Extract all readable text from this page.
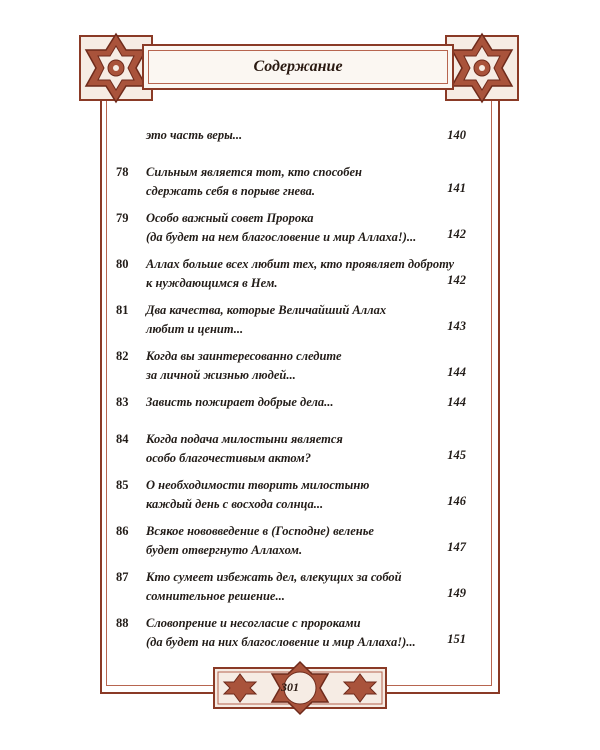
Содержание
это часть веры...	140
78	Сильным является тот, кто способен
сдержать себя в порыве гнева.	141
79	Особо важный совет Пророка
(да будет на нем благословение и мир Аллаха!)...	142
80	Аллах больше всех любит тех, кто проявляет доброту
к нуждающимся в Нем.	142
81	Два качества, которые Величайший Аллах
любит и ценит...	143
82	Когда вы заинтересованно следите
за личной жизнью людей...	144
83	Зависть пожирает добрые дела...	144
84	Когда подача милостыни является
особо благочестивым актом?	145
85	О необходимости творить милостыню
каждый день с восхода солнца...	146
86	Всякое нововведение в (Господне) веленье
будет отвергнуто Аллахом.	147
87	Кто сумеет избежать дел, влекущих за собой
сомнительное решение...	149
88	Словопрение и несогласие с пророками
(да будет на них благословение и мир Аллаха!)...	151
301
